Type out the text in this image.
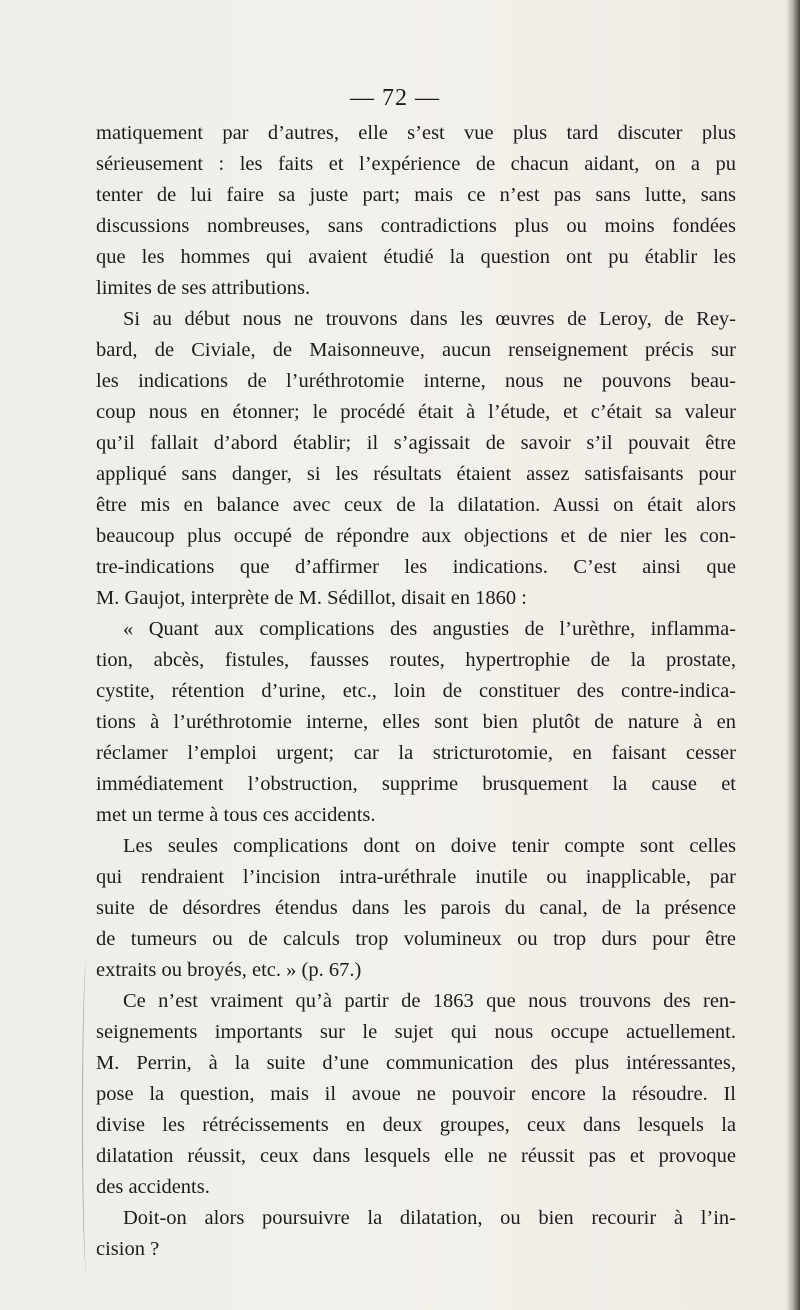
— 72 —
matiquement par d’autres, elle s’est vue plus tard discuter plus
sérieusement : les faits et l’expérience de chacun aidant, on a pu
tenter de lui faire sa juste part; mais ce n’est pas sans lutte, sans
discussions nombreuses, sans contradictions plus ou moins fondées
que les hommes qui avaient étudié la question ont pu établir les
limites de ses attributions.
Si au début nous ne trouvons dans les œuvres de Leroy, de Rey-
bard, de Civiale, de Maisonneuve, aucun renseignement précis sur
les indications de l’uréthrotomie interne, nous ne pouvons beau-
coup nous en étonner; le procédé était à l’étude, et c’était sa valeur
qu’il fallait d’abord établir; il s’agissait de savoir s’il pouvait être
appliqué sans danger, si les résultats étaient assez satisfaisants pour
être mis en balance avec ceux de la dilatation. Aussi on était alors
beaucoup plus occupé de répondre aux objections et de nier les con-
tre-indications que d’affirmer les indications. C’est ainsi que
M. Gaujot, interprète de M. Sédillot, disait en 1860 :
« Quant aux complications des angusties de l’urèthre, inflamma-
tion, abcès, fistules, fausses routes, hypertrophie de la prostate,
cystite, rétention d’urine, etc., loin de constituer des contre-indica-
tions à l’uréthrotomie interne, elles sont bien plutôt de nature à en
réclamer l’emploi urgent; car la stricturotomie, en faisant cesser
immédiatement l’obstruction, supprime brusquement la cause et
met un terme à tous ces accidents.
Les seules complications dont on doive tenir compte sont celles
qui rendraient l’incision intra-uréthrale inutile ou inapplicable, par
suite de désordres étendus dans les parois du canal, de la présence
de tumeurs ou de calculs trop volumineux ou trop durs pour être
extraits ou broyés, etc. » (p. 67.)
Ce n’est vraiment qu’à partir de 1863 que nous trouvons des ren-
seignements importants sur le sujet qui nous occupe actuellement.
M. Perrin, à la suite d’une communication des plus intéressantes,
pose la question, mais il avoue ne pouvoir encore la résoudre. Il
divise les rétrécissements en deux groupes, ceux dans lesquels la
dilatation réussit, ceux dans lesquels elle ne réussit pas et provoque
des accidents.
Doit-on alors poursuivre la dilatation, ou bien recourir à l’in-
cision ?
